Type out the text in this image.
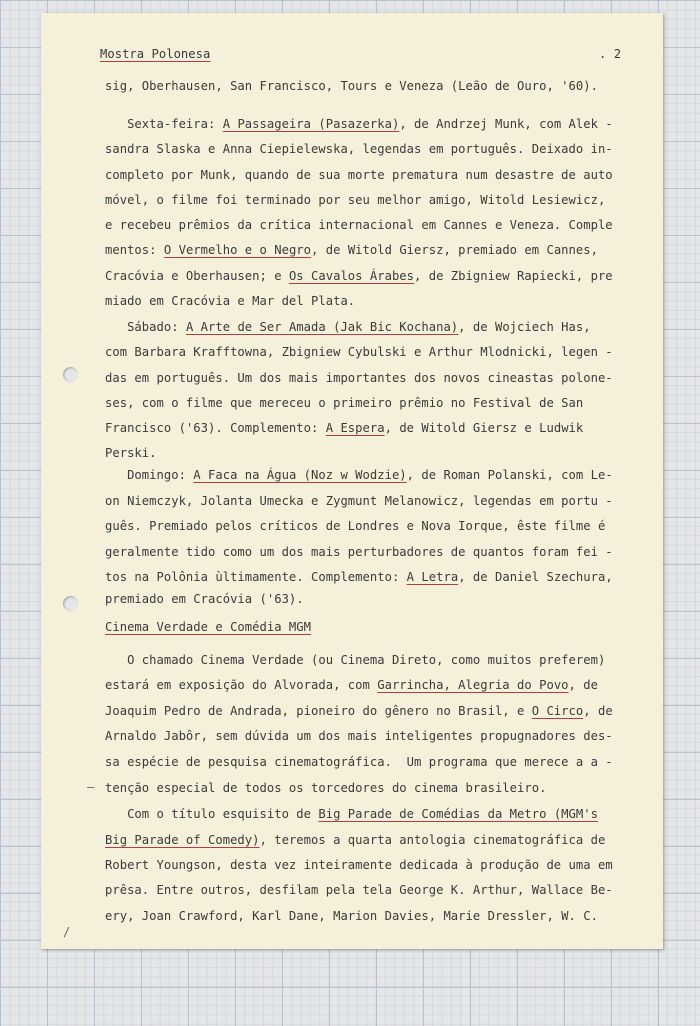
—
/

Mostra Polonesa

	. 2

sig, Oberhausen, San Francisco, Tours e Veneza (Leão de Ouro, '60).
Sexta-feira: A Passageira (Pasazerka), de Andrzej Munk, com Alek -
sandra Slaska e Anna Ciepielewska, legendas em português. Deixado in-
completo por Munk, quando de sua morte prematura num desastre de auto
móvel, o filme foi terminado por seu melhor amigo, Witold Lesiewicz,
e recebeu prêmios da crítica internacional em Cannes e Veneza. Comple
mentos: O Vermelho e o Negro, de Witold Giersz, premiado em Cannes,
Cracóvia e Oberhausen; e Os Cavalos Árabes, de Zbigniew Rapiecki, pre
miado em Cracóvia e Mar del Plata.
Sábado: A Arte de Ser Amada (Jak Bic Kochana), de Wojciech Has,
com Barbara Krafftowna, Zbigniew Cybulski e Arthur Mlodnicki, legen -
das em português. Um dos mais importantes dos novos cineastas polone-
ses, com o filme que mereceu o primeiro prêmio no Festival de San
Francisco ('63). Complemento: A Espera, de Witold Giersz e Ludwik
Perski.
Domingo: A Faca na Água (Noz w Wodzie), de Roman Polanski, com Le-
on Niemczyk, Jolanta Umecka e Zygmunt Melanowicz, legendas em portu -
guês. Premiado pelos críticos de Londres e Nova Iorque, êste filme é
geralmente tido como um dos mais perturbadores de quantos foram fei -
tos na Polônia ùltimamente. Complemento: A Letra, de Daniel Szechura,
premiado em Cracóvia ('63).
Cinema Verdade e Comédia MGM
O chamado Cinema Verdade (ou Cinema Direto, como muitos preferem)
estará em exposição do Alvorada, com Garrincha, Alegria do Povo, de
Joaquim Pedro de Andrada, pioneiro do gênero no Brasil, e O Circo, de
Arnaldo Jabôr, sem dúvida um dos mais inteligentes propugnadores des-
sa espécie de pesquisa cinematográfica.  Um programa que merece a a -
tenção especial de todos os torcedores do cinema brasileiro.
Com o título esquisito de Big Parade de Comédias da Metro (MGM's
Big Parade of Comedy), teremos a quarta antologia cinematográfica de
Robert Youngson, desta vez inteiramente dedicada à produção de uma em
prêsa. Entre outros, desfilam pela tela George K. Arthur, Wallace Be-
ery, Joan Crawford, Karl Dane, Marion Davies, Marie Dressler, W. C.
